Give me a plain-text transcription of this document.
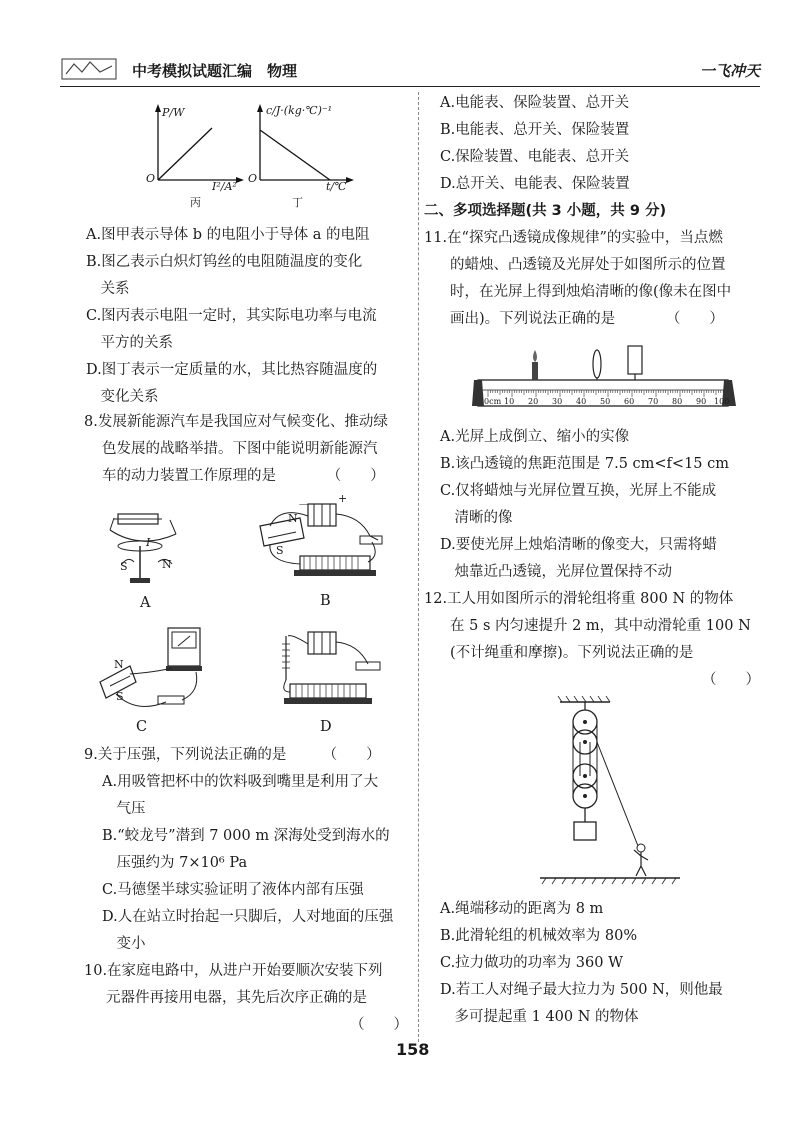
中考模拟试题汇编　物理	一飞冲天
P/W
O
I²/A²
丙
c/J·(kg·℃)⁻¹
O
t/℃
丁
A.图甲表示导体 b 的电阻小于导体 a 的电阻
B.图乙表示白炽灯钨丝的电阻随温度的变化
　关系
C.图丙表示电阻一定时，其实际电功率与电流
　平方的关系
D.图丁表示一定质量的水，其比热容随温度的
　变化关系
8.发展新能源汽车是我国应对气候变化、推动绿
色发展的战略举措。下图中能说明新能源汽
车的动力装置工作原理的是　　　　（　　）
I
S	N
A
N
S
+
－
B
N
S
C	D
9.关于压强，下列说法正确的是　　　（　　）
A.用吸管把杯中的饮料吸到嘴里是利用了大
　气压
B.“蛟龙号”潜到 7 000 m 深海处受到海水的
　压强约为 7×10⁶ Pa
C.马德堡半球实验证明了液体内部有压强
D.人在站立时抬起一只脚后，人对地面的压强
　变小
10.在家庭电路中，从进户开始要顺次安装下列
元器件再接用电器，其先后次序正确的是
（　　）
A.电能表、保险装置、总开关
B.电能表、总开关、保险装置
C.保险装置、电能表、总开关
D.总开关、电能表、保险装置
二、多项选择题(共 3 小题，共 9 分)
11.在“探究凸透镜成像规律”的实验中，当点燃
的蜡烛、凸透镜及光屏处于如图所示的位置
时，在光屏上得到烛焰清晰的像(像未在图中
画出)。下列说法正确的是　　　　（　　）
0cm 10 20 30 40 50 60 70 80 90 100
A.光屏上成倒立、缩小的实像
B.该凸透镜的焦距范围是 7.5 cm<f<15 cm
C.仅将蜡烛与光屏位置互换，光屏上不能成
　清晰的像
D.要使光屏上烛焰清晰的像变大，只需将蜡
　烛靠近凸透镜，光屏位置保持不动
12.工人用如图所示的滑轮组将重 800 N 的物体
在 5 s 内匀速提升 2 m，其中动滑轮重 100 N
(不计绳重和摩擦)。下列说法正确的是
（　　）
A.绳端移动的距离为 8 m
B.此滑轮组的机械效率为 80%
C.拉力做功的功率为 360 W
D.若工人对绳子最大拉力为 500 N，则他最
　多可提起重 1 400 N 的物体
158
